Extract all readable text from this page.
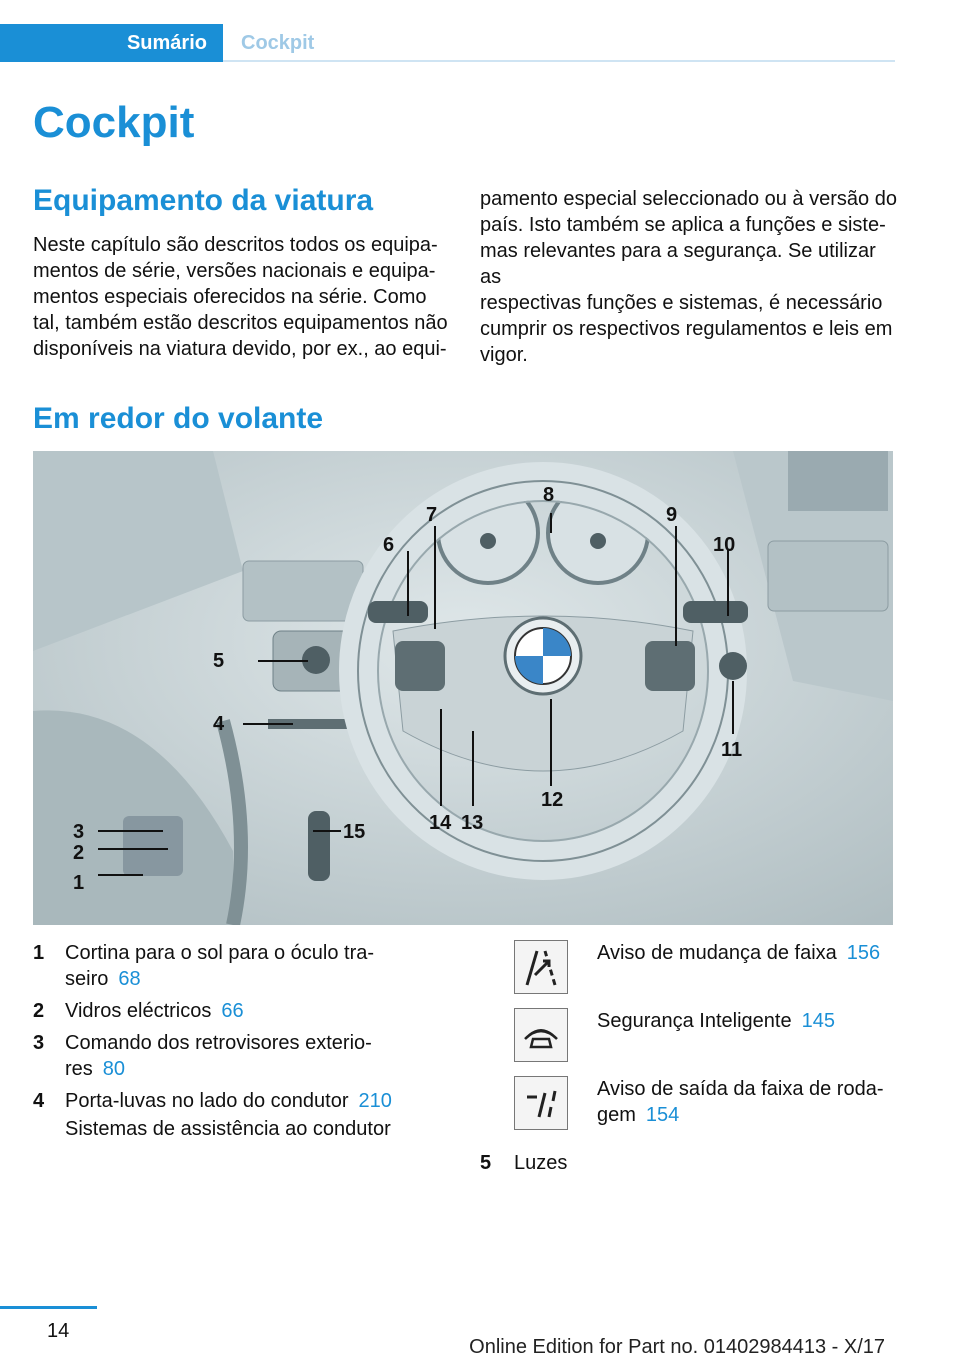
Sumário	Cockpit
Cockpit
Equipamento da viatura
Neste capítulo são descritos todos os equipa-
mentos de série, versões nacionais e equipa-
mentos especiais oferecidos na série. Como
tal, também estão descritos equipamentos não
disponíveis na viatura devido, por ex., ao equi-
pamento especial seleccionado ou à versão do
país. Isto também se aplica a funções e siste-
mas relevantes para a segurança. Se utilizar as
respectivas funções e sistemas, é necessário
cumprir os respectivos regulamentos e leis em
vigor.
Em redor do volante
1
2
3
4
5
6
7
8
9
10
11
12
13
14
15
1 Cortina para o sol para o óculo tra-
seiro 68
2 Vidros eléctricos 66
3 Comando dos retrovisores exterio-
res 80
4 Porta-luvas no lado do condutor 210
Sistemas de assistência ao condutor
Aviso de mudança de faixa 156
Segurança Inteligente 145
Aviso de saída da faixa de roda-
gem 154
5 Luzes
14
Online Edition for Part no. 01402984413 - X/17
